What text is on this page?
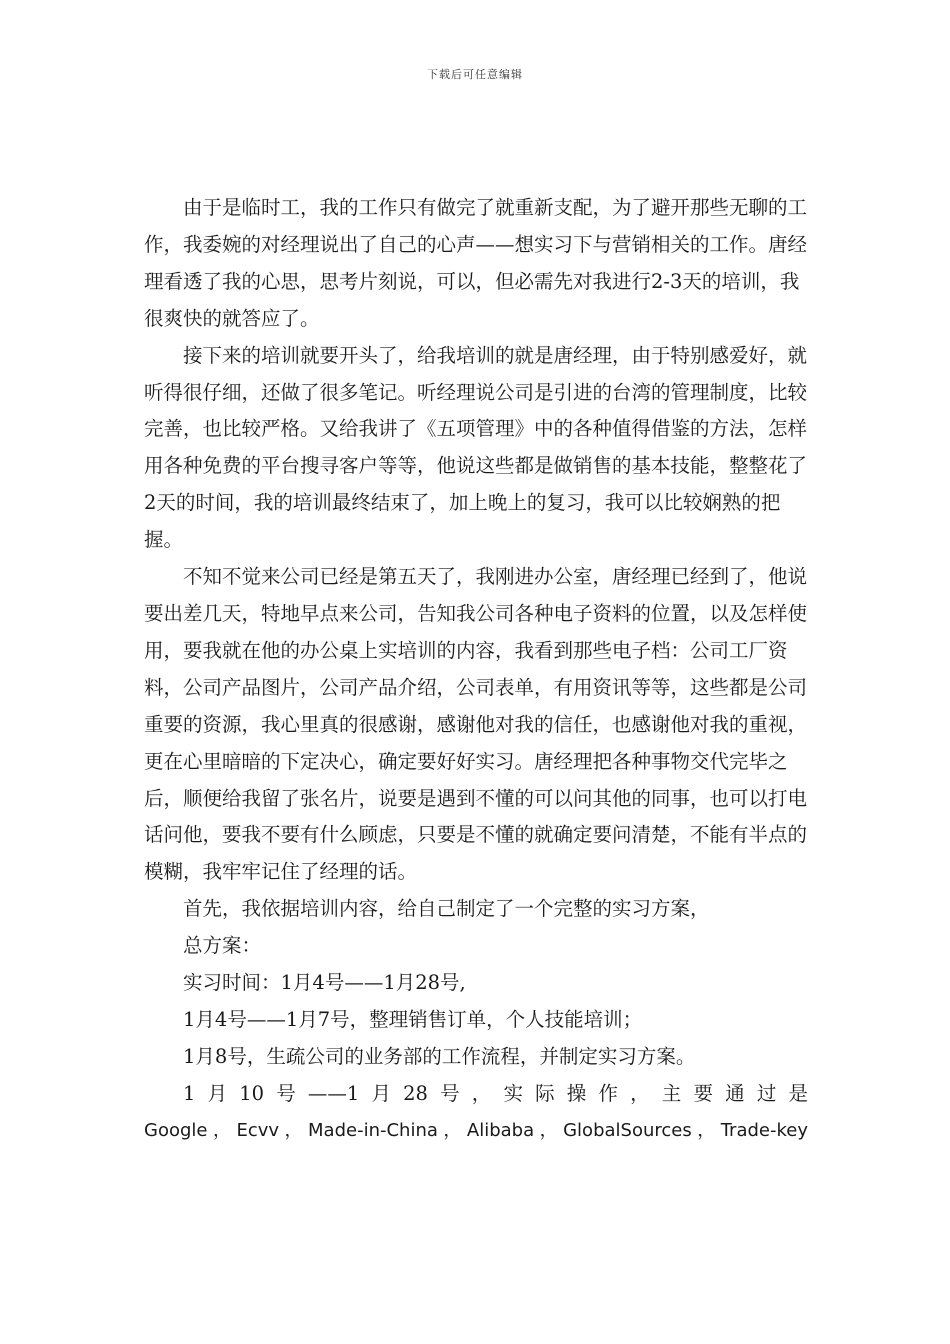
下载后可任意编辑

由于是临时工，我的工作只有做完了就重新支配，为了避开那些无聊的工作，我委婉的对经理说出了自己的心声——想实习下与营销相关的工作。唐经理看透了我的心思，思考片刻说，可以，但必需先对我进行2-3天的培训，我很爽快的就答应了。

接下来的培训就要开头了，给我培训的就是唐经理，由于特别感爱好，就听得很仔细，还做了很多笔记。听经理说公司是引进的台湾的管理制度，比较完善，也比较严格。又给我讲了《五项管理》中的各种值得借鉴的方法，怎样用各种免费的平台搜寻客户等等，他说这些都是做销售的基本技能，整整花了2天的时间，我的培训最终结束了，加上晚上的复习，我可以比较娴熟的把握。

不知不觉来公司已经是第五天了，我刚进办公室，唐经理已经到了，他说要出差几天，特地早点来公司，告知我公司各种电子资料的位置，以及怎样使用，要我就在他的办公桌上实培训的内容，我看到那些电子档：公司工厂资料，公司产品图片，公司产品介绍，公司表单，有用资讯等等，这些都是公司重要的资源，我心里真的很感谢，感谢他对我的信任，也感谢他对我的重视，更在心里暗暗的下定决心，确定要好好实习。唐经理把各种事物交代完毕之后，顺便给我留了张名片，说要是遇到不懂的可以问其他的同事，也可以打电话问他，要我不要有什么顾虑，只要是不懂的就确定要问清楚，不能有半点的模糊，我牢牢记住了经理的话。

首先，我依据培训内容，给自己制定了一个完整的实习方案，

总方案：

实习时间：1月4号——1月28号,

1月4号——1月7号，整理销售订单，个人技能培训；

1月8号，生疏公司的业务部的工作流程，并制定实习方案。

1月10号——1月28号，实际操作，主要通过是

Google，Ecvv，Made-in-China，Alibaba，GlobalSources，Trade-key
